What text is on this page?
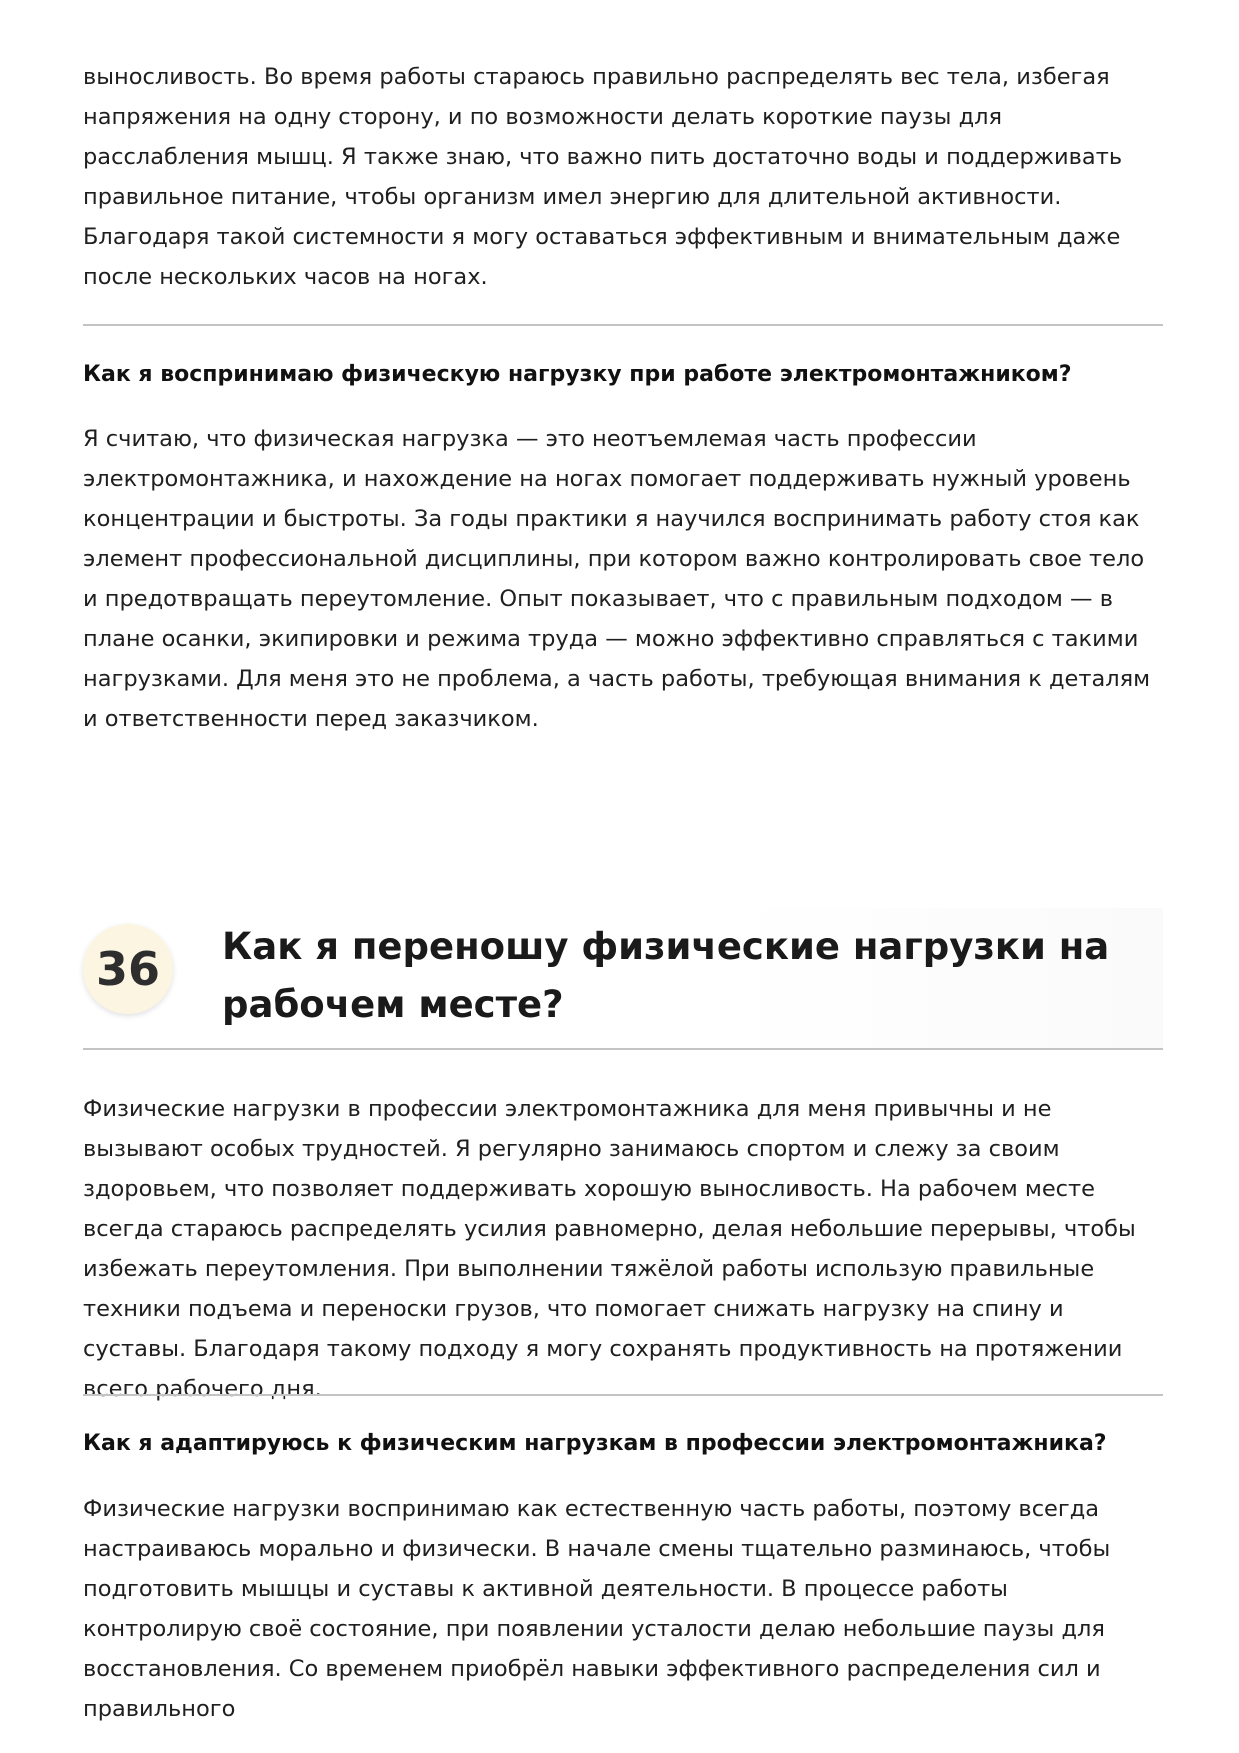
выносливость. Во время работы стараюсь правильно распределять вес тела, избегая напряжения на одну сторону, и по возможности делать короткие паузы для расслабления мышц. Я также знаю, что важно пить достаточно воды и поддерживать правильное питание, чтобы организм имел энергию для длительной активности. Благодаря такой системности я могу оставаться эффективным и внимательным даже после нескольких часов на ногах.

Как я воспринимаю физическую нагрузку при работе электромонтажником?

Я считаю, что физическая нагрузка — это неотъемлемая часть профессии электромонтажника, и нахождение на ногах помогает поддерживать нужный уровень концентрации и быстроты. За годы практики я научился воспринимать работу стоя как элемент профессиональной дисциплины, при котором важно контролировать свое тело и предотвращать переутомление. Опыт показывает, что с правильным подходом — в плане осанки, экипировки и режима труда — можно эффективно справляться с такими нагрузками. Для меня это не проблема, а часть работы, требующая внимания к деталям и ответственности перед заказчиком.

36	Как я переношу физические нагрузки на рабочем месте?

Физические нагрузки в профессии электромонтажника для меня привычны и не вызывают особых трудностей. Я регулярно занимаюсь спортом и слежу за своим здоровьем, что позволяет поддерживать хорошую выносливость. На рабочем месте всегда стараюсь распределять усилия равномерно, делая небольшие перерывы, чтобы избежать переутомления. При выполнении тяжёлой работы использую правильные техники подъема и переноски грузов, что помогает снижать нагрузку на спину и суставы. Благодаря такому подходу я могу сохранять продуктивность на протяжении всего рабочего дня.

Как я адаптируюсь к физическим нагрузкам в профессии электромонтажника?

Физические нагрузки воспринимаю как естественную часть работы, поэтому всегда настраиваюсь морально и физически. В начале смены тщательно разминаюсь, чтобы подготовить мышцы и суставы к активной деятельности. В процессе работы контролирую своё состояние, при появлении усталости делаю небольшие паузы для восстановления. Со временем приобрёл навыки эффективного распределения сил и правильного
